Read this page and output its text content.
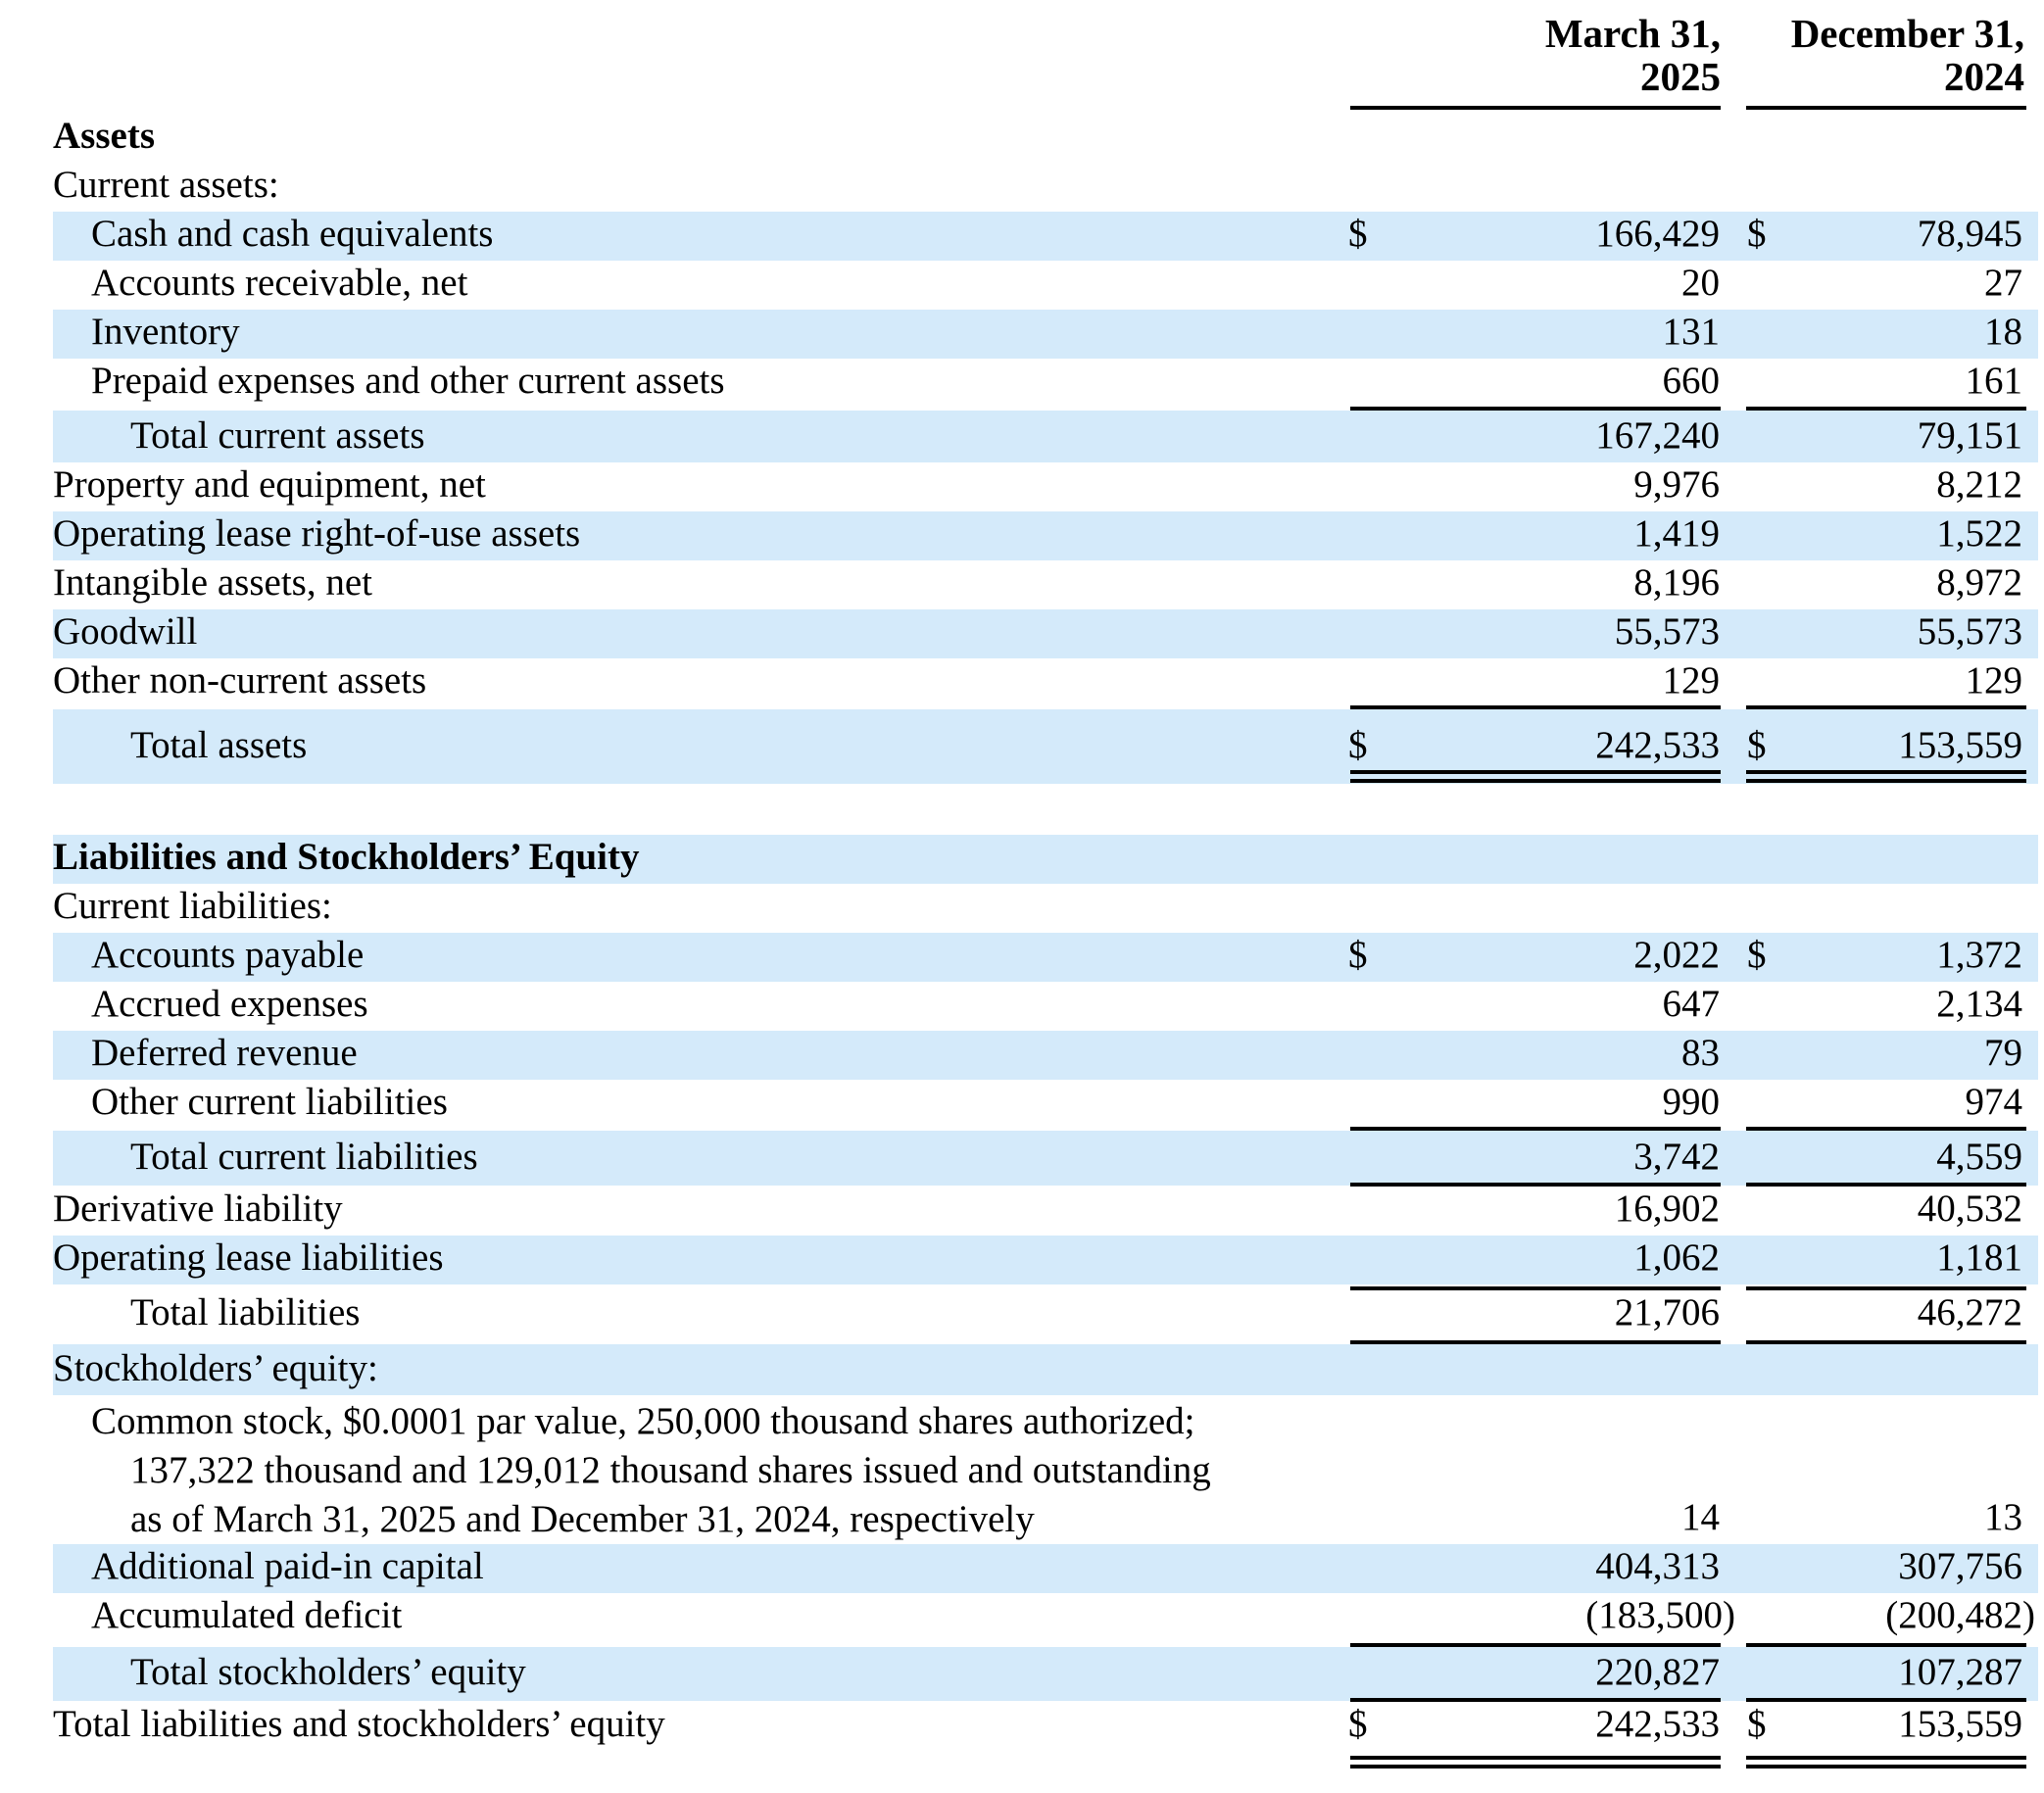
March 31,
2025
December 31,
2024
Assets
Current assets:
Cash and cash equivalents	$	166,429 $	78,945
Accounts receivable, net	20	27
Inventory	131	18
Prepaid expenses and other current assets	660	161
Total current assets	167,240	79,151
Property and equipment, net	9,976	8,212
Operating lease right-of-use assets	1,419	1,522
Intangible assets, net	8,196	8,972
Goodwill	55,573	55,573
Other non-current assets	129	129
Total assets	$	242,533 $	153,559
Liabilities and Stockholders’ Equity
Current liabilities:
Accounts payable	$	2,022 $	1,372
Accrued expenses	647	2,134
Deferred revenue	83	79
Other current liabilities	990	974
Total current liabilities	3,742	4,559
Derivative liability	16,902	40,532
Operating lease liabilities	1,062	1,181
Total liabilities	21,706	46,272
Stockholders’ equity:
Common stock, $0.0001 par value, 250,000 thousand shares authorized;
137,322 thousand and 129,012 thousand shares issued and outstanding
as of March 31, 2025 and December 31, 2024, respectively	14	13
Additional paid-in capital	404,313	307,756
Accumulated deficit	(183,500)	(200,482)
Total stockholders’ equity	220,827	107,287
Total liabilities and stockholders’ equity	$	242,533 $	153,559
